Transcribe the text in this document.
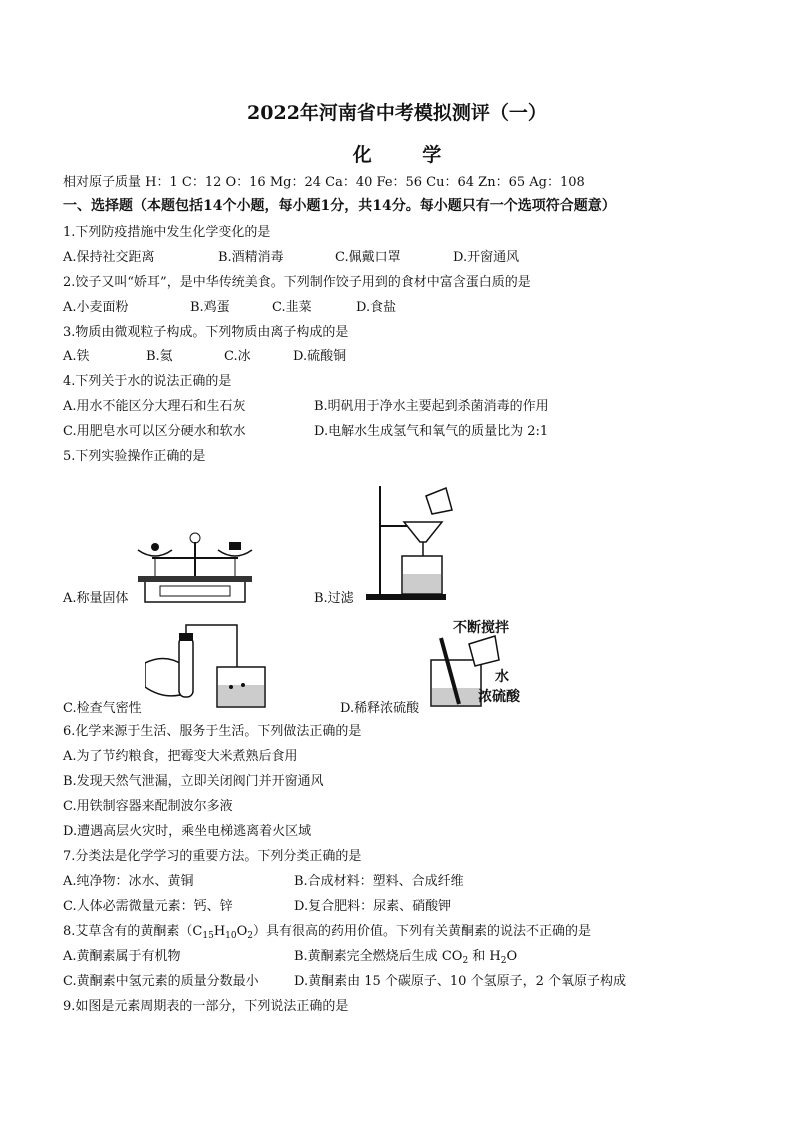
2022年河南省中考模拟测评（一）
化 学
相对原子质量 H：1 C：12 O：16 Mg：24 Ca：40 Fe：56 Cu：64 Zn：65 Ag：108
一、选择题（本题包括14个小题，每小题1分，共14分。每小题只有一个选项符合题意）
1.下列防疫措施中发生化学变化的是
A.保持社交距离	B.酒精消毒	C.佩戴口罩	D.开窗通风
2.饺子又叫“娇耳”，是中华传统美食。下列制作饺子用到的食材中富含蛋白质的是
A.小麦面粉	B.鸡蛋	C.韭菜	D.食盐
3.物质由微观粒子构成。下列物质由离子构成的是
A.铁	B.氦	C.冰	D.硫酸铜
4.下列关于水的说法正确的是
A.用水不能区分大理石和生石灰	B.明矾用于净水主要起到杀菌消毒的作用
C.用肥皂水可以区分硬水和软水	D.电解水生成氢气和氧气的质量比为 2:1
5.下列实验操作正确的是
A.称量固体	B.过滤
C.检查气密性
不断搅拌
水
浓硫酸
D.稀释浓硫酸
6.化学来源于生活、服务于生活。下列做法正确的是
A.为了节约粮食，把霉变大米煮熟后食用
B.发现天然气泄漏，立即关闭阀门并开窗通风
C.用铁制容器来配制波尔多液
D.遭遇高层火灾时，乘坐电梯逃离着火区域
7.分类法是化学学习的重要方法。下列分类正确的是
A.纯净物：冰水、黄铜	B.合成材料：塑料、合成纤维
C.人体必需微量元素：钙、锌	D.复合肥料：尿素、硝酸钾
8.艾草含有的黄酮素$(C_{15}H_{10}O_2)$具有很高的药用价值。下列有关黄酮素的说法不正确的是
A.黄酮素属于有机物	B.黄酮素完全燃烧后生成 $CO_2$ 和 $H_2O$
C.黄酮素中氢元素的质量分数最小	D.黄酮素由 15 个碳原子、10 个氢原子，2 个氧原子构成
9.如图是元素周期表的一部分，下列说法正确的是
